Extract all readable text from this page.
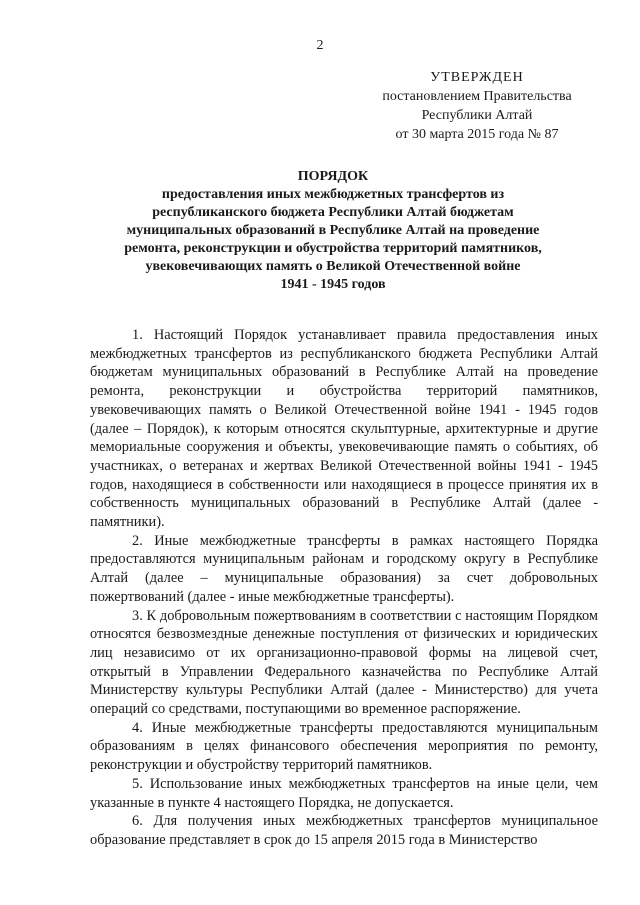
2
УТВЕРЖДЕН
постановлением Правительства
Республики Алтай
от 30 марта 2015 года № 87
ПОРЯДОК
предоставления иных межбюджетных трансфертов из
республиканского бюджета Республики Алтай бюджетам
муниципальных образований в Республике Алтай на проведение
ремонта, реконструкции и обустройства территорий памятников,
увековечивающих память о Великой Отечественной войне
1941 - 1945 годов

1. Настоящий Порядок устанавливает правила предоставления иных межбюджетных трансфертов из республиканского бюджета Республики Алтай бюджетам муниципальных образований в Республике Алтай на проведение ремонта, реконструкции и обустройства территорий памятников, увековечивающих память о Великой Отечественной войне 1941 - 1945 годов (далее – Порядок), к которым относятся скульптурные, архитектурные и другие мемориальные сооружения и объекты, увековечивающие память о событиях, об участниках, о ветеранах и жертвах Великой Отечественной войны 1941 - 1945 годов, находящиеся в собственности или находящиеся в процессе принятия их в собственность муниципальных образований в Республике Алтай (далее - памятники).

2. Иные межбюджетные трансферты в рамках настоящего Порядка предоставляются муниципальным районам и городскому округу в Республике Алтай (далее – муниципальные образования) за счет добровольных пожертвований (далее - иные межбюджетные трансферты).

3. К добровольным пожертвованиям в соответствии с настоящим Порядком относятся безвозмездные денежные поступления от физических и юридических лиц независимо от их организационно-правовой формы на лицевой счет, открытый в Управлении Федерального казначейства по Республике Алтай Министерству культуры Республики Алтай (далее - Министерство) для учета операций со средствами, поступающими во временное распоряжение.

4. Иные межбюджетные трансферты предоставляются муниципальным образованиям в целях финансового обеспечения мероприятия по ремонту, реконструкции и обустройству территорий памятников.

5. Использование иных межбюджетных трансфертов на иные цели, чем указанные в пункте 4 настоящего Порядка, не допускается.

6. Для получения иных межбюджетных трансфертов муниципальное образование представляет в срок до 15 апреля 2015 года в Министерство
